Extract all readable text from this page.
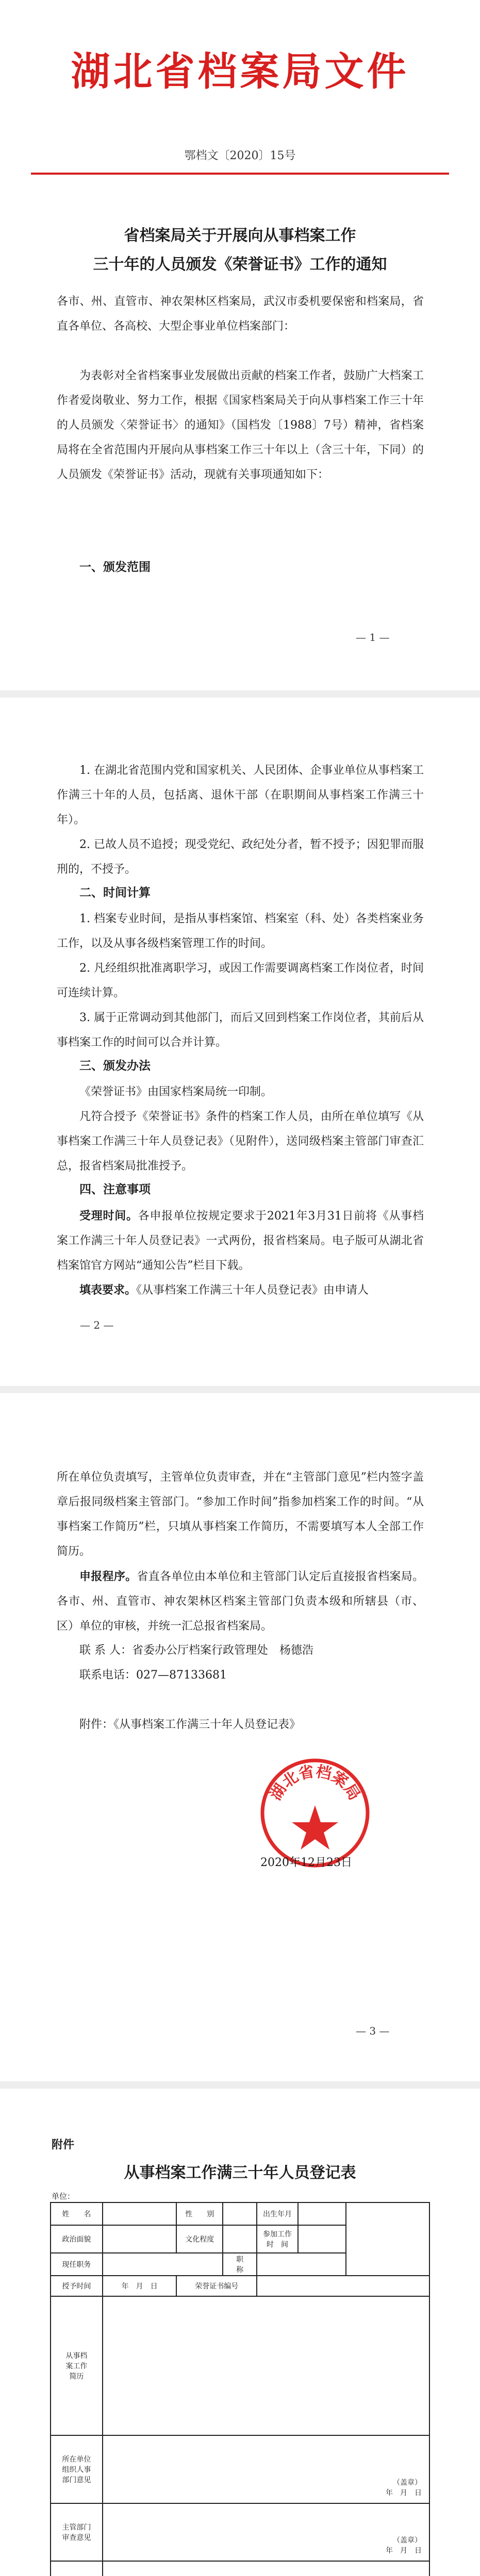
湖北省档案局文件
鄂档文〔2020〕15号
省档案局关于开展向从事档案工作
三十年的人员颁发《荣誉证书》工作的通知
各市、州、直管市、神农架林区档案局，武汉市委机要保密和档案局，省直各单位、各高校、大型企事业单位档案部门：
为表彰对全省档案事业发展做出贡献的档案工作者，鼓励广大档案工作者爱岗敬业、努力工作，根据《国家档案局关于向从事档案工作三十年的人员颁发〈荣誉证书〉的通知》（国档发〔1988〕7号）精神，省档案局将在全省范围内开展向从事档案工作三十年以上（含三十年，下同）的人员颁发《荣誉证书》活动，现就有关事项通知如下：
一、颁发范围
— 1 —
1. 在湖北省范围内党和国家机关、人民团体、企事业单位从事档案工作满三十年的人员，包括离、退休干部（在职期间从事档案工作满三十年）。
2. 已故人员不追授；现受党纪、政纪处分者，暂不授予；因犯罪而服刑的，不授予。
二、时间计算
1. 档案专业时间，是指从事档案馆、档案室（科、处）各类档案业务工作，以及从事各级档案管理工作的时间。
2. 凡经组织批准离职学习，或因工作需要调离档案工作岗位者，时间可连续计算。
3. 属于正常调动到其他部门，而后又回到档案工作岗位者，其前后从事档案工作的时间可以合并计算。
三、颁发办法
《荣誉证书》由国家档案局统一印制。
凡符合授予《荣誉证书》条件的档案工作人员，由所在单位填写《从事档案工作满三十年人员登记表》（见附件），送同级档案主管部门审查汇总，报省档案局批准授予。
四、注意事项
受理时间。各申报单位按规定要求于2021年3月31日前将《从事档案工作满三十年人员登记表》一式两份，报省档案局。电子版可从湖北省档案馆官方网站“通知公告”栏目下载。
填表要求。《从事档案工作满三十年人员登记表》由申请人
— 2 —
所在单位负责填写，主管单位负责审查，并在“主管部门意见”栏内签字盖章后报同级档案主管部门。“参加工作时间”指参加档案工作的时间。“从事档案工作简历”栏，只填从事档案工作简历，不需要填写本人全部工作简历。
申报程序。省直各单位由本单位和主管部门认定后直接报省档案局。各市、州、直管市、神农架林区档案主管部门负责本级和所辖县（市、区）单位的审核，并统一汇总报省档案局。
联 系 人：省委办公厅档案行政管理处　杨德浩
联系电话：027—87133681
附件：《从事档案工作满三十年人员登记表》
湖北省档案局
2020年12月23日
— 3 —
附件
从事档案工作满三十年人员登记表
单位：
姓　　名		性　　别		出生年月		
政治面貌		文化程度		参加工作时　间		
现任职务			职　　称			
授予时间	年　月　日	荣誉证书编号				
从事档案工作简历						
所在单位组织人事部门意见	（盖章）
年　月　日					

主管部门审查意见	（盖章）
年　月　日					
